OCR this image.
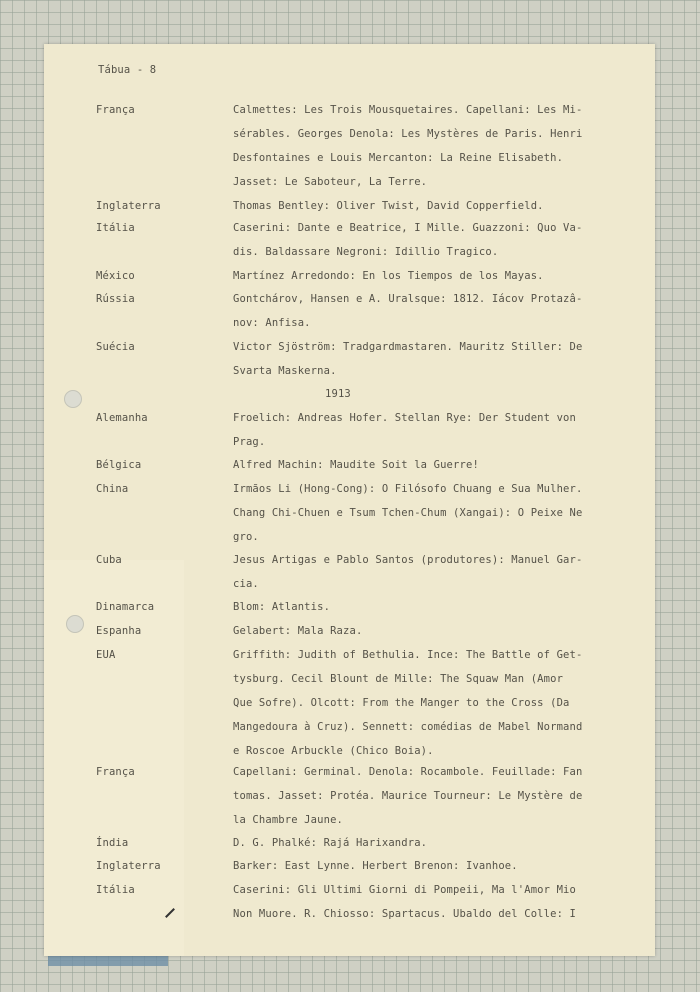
Tábua - 8
França	Calmettes: Les Trois Mousquetaires. Capellani: Les Mi-
sérables. Georges Denola: Les Mystères de Paris. Henri
Desfontaines e Louis Mercanton: La Reine Elisabeth.
Jasset: Le Saboteur, La Terre.
Inglaterra	Thomas Bentley: Oliver Twist, David Copperfield.
Itália	Caserini: Dante e Beatrice, I Mille. Guazzoni: Quo Va-
dis. Baldassare Negroni: Idillio Tragico.
México	Martínez Arredondo: En los Tiempos de los Mayas.
Rússia	Gontchárov, Hansen e A. Uralsque: 1812. Iácov Protazâ-
nov: Anfisa.
Suécia	Victor Sjöström: Tradgardmastaren. Mauritz Stiller: De
Svarta Maskerna.
1913
Alemanha	Froelich: Andreas Hofer. Stellan Rye: Der Student von
Prag.
Bélgica	Alfred Machin: Maudite Soit la Guerre!
China	Irmãos Li (Hong-Cong): O Filósofo Chuang e Sua Mulher.
Chang Chi-Chuen e Tsum Tchen-Chum (Xangai): O Peixe Ne
gro.
Cuba	Jesus Artigas e Pablo Santos (produtores): Manuel Gar-
cia.
Dinamarca	Blom: Atlantis.
Espanha	Gelabert: Mala Raza.
EUA	Griffith: Judith of Bethulia. Ince: The Battle of Get-
tysburg. Cecil Blount de Mille: The Squaw Man (Amor
Que Sofre). Olcott: From the Manger to the Cross (Da
Mangedoura à Cruz). Sennett: comédias de Mabel Normand
e Roscoe Arbuckle (Chico Boia).
França	Capellani: Germinal. Denola: Rocambole. Feuillade: Fan
tomas. Jasset: Protéa. Maurice Tourneur: Le Mystère de
la Chambre Jaune.
Índia	D. G. Phalké: Rajá Harixandra.
Inglaterra	Barker: East Lynne. Herbert Brenon: Ivanhoe.
Itália	Caserini: Gli Ultimi Giorni di Pompeii, Ma l'Amor Mio
Non Muore. R. Chiosso: Spartacus. Ubaldo del Colle: I
